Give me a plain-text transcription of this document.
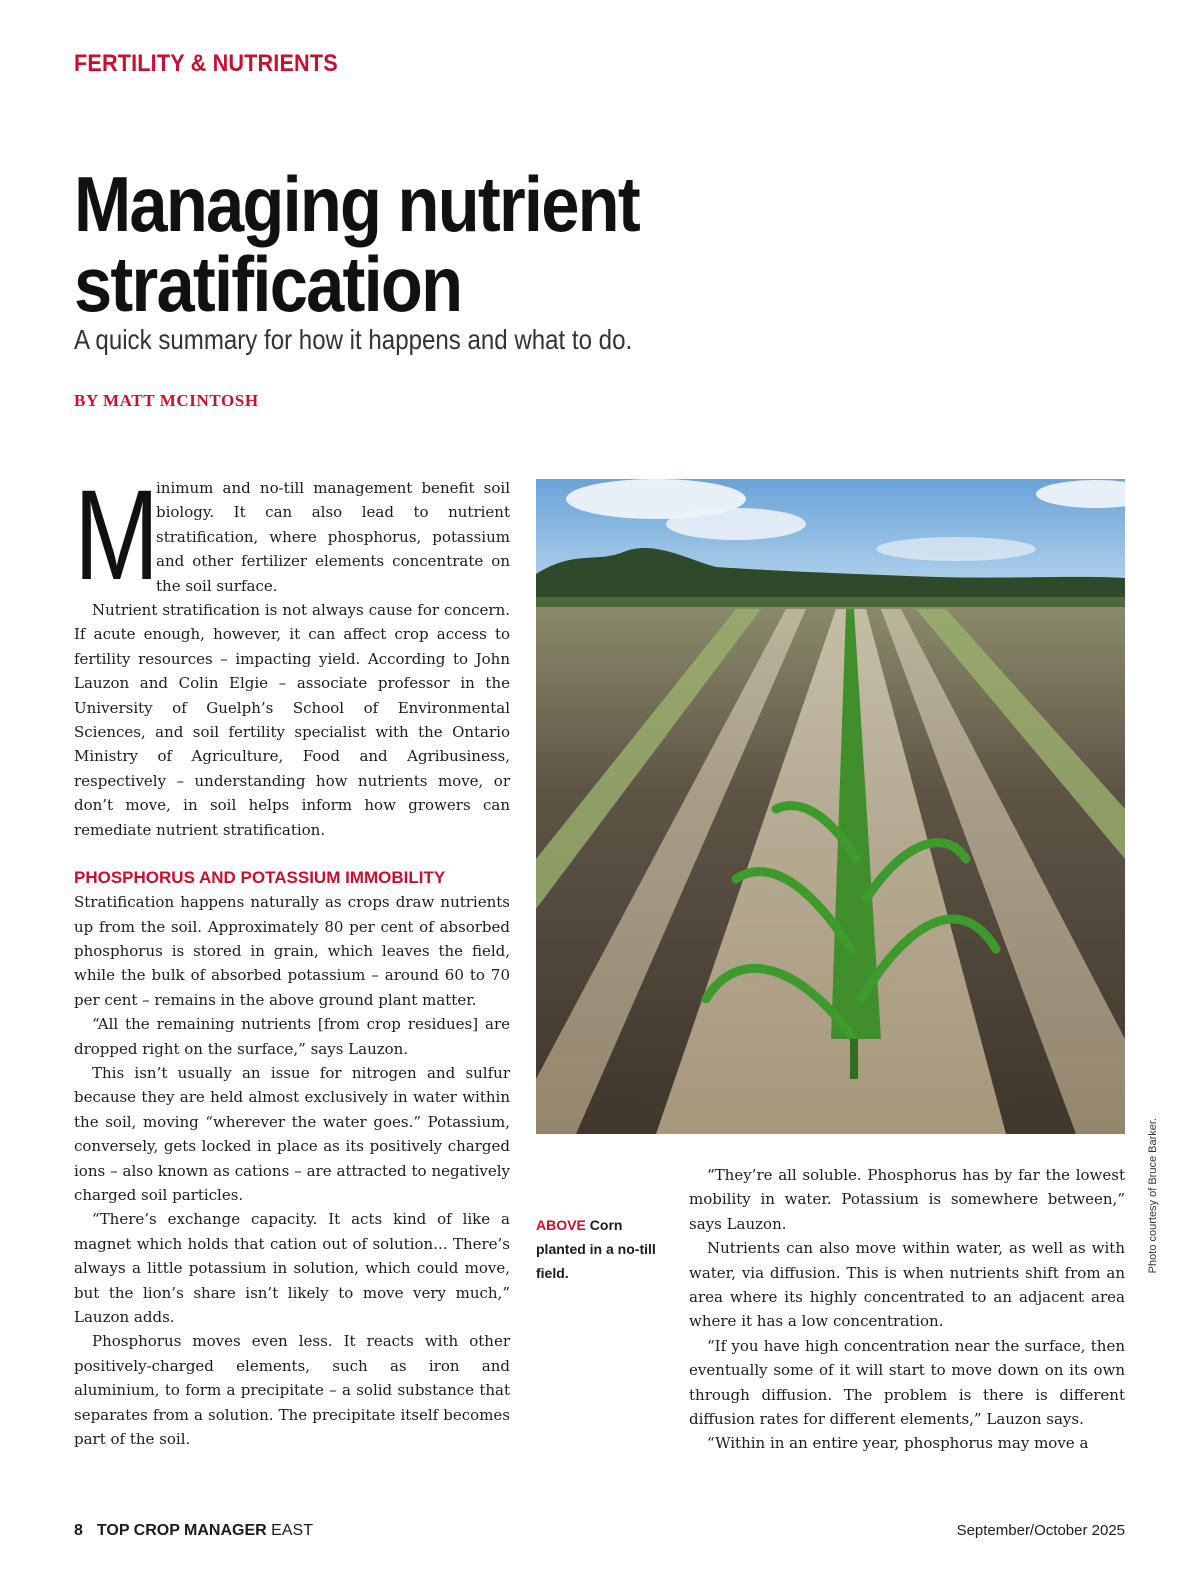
FERTILITY & NUTRIENTS
Managing nutrient
stratification
A quick summary for how it happens and what to do.
BY MATT MCINTOSH

M
inimum and no-till management benefit soil biology. It can also lead to nutrient stratification, where phosphorus, potassium and other fertilizer elements concentrate on the soil surface.

Nutrient stratification is not always cause for concern. If acute enough, however, it can affect crop access to fertility resources – impacting yield. According to John Lauzon and Colin Elgie – associate professor in the University of Guelph’s School of Environmental Sciences, and soil fertility specialist with the Ontario Ministry of Agriculture, Food and Agribusiness, respectively – understanding how nutrients move, or don’t move, in soil helps inform how growers can remediate nutrient stratification.

PHOSPHORUS AND POTASSIUM IMMOBILITY

Stratification happens naturally as crops draw nutrients up from the soil. Approximately 80 per cent of absorbed phosphorus is stored in grain, which leaves the field, while the bulk of absorbed potassium – around 60 to 70 per cent – remains in the above ground plant matter.

“All the remaining nutrients [from crop residues] are dropped right on the surface,” says Lauzon.

This isn’t usually an issue for nitrogen and sulfur because they are held almost exclusively in water within the soil, moving “wherever the water goes.” Potassium, conversely, gets locked in place as its positively charged ions – also known as cations – are attracted to negatively charged soil particles.

“There’s exchange capacity. It acts kind of like a magnet which holds that cation out of solution... There’s always a little potassium in solution, which could move, but the lion’s share isn’t likely to move very much,” Lauzon adds.

Phosphorus moves even less. It reacts with other positively-charged elements, such as iron and aluminium, to form a precipitate – a solid substance that separates from a solution. The precipitate itself becomes part of the soil.

ABOVE Corn planted in a no-till field.	Photo courtesy of Bruce Barker.

“They’re all soluble. Phosphorus has by far the lowest mobility in water. Potassium is somewhere between,” says Lauzon.

Nutrients can also move within water, as well as with water, via diffusion. This is when nutrients shift from an area where its highly concentrated to an adjacent area where it has a low concentration.

“If you have high concentration near the surface, then eventually some of it will start to move down on its own through diffusion. The problem is there is different diffusion rates for different elements,” Lauzon says.

“Within in an entire year, phosphorus may move a

8 TOP CROP MANAGER EAST	September/October 2025
